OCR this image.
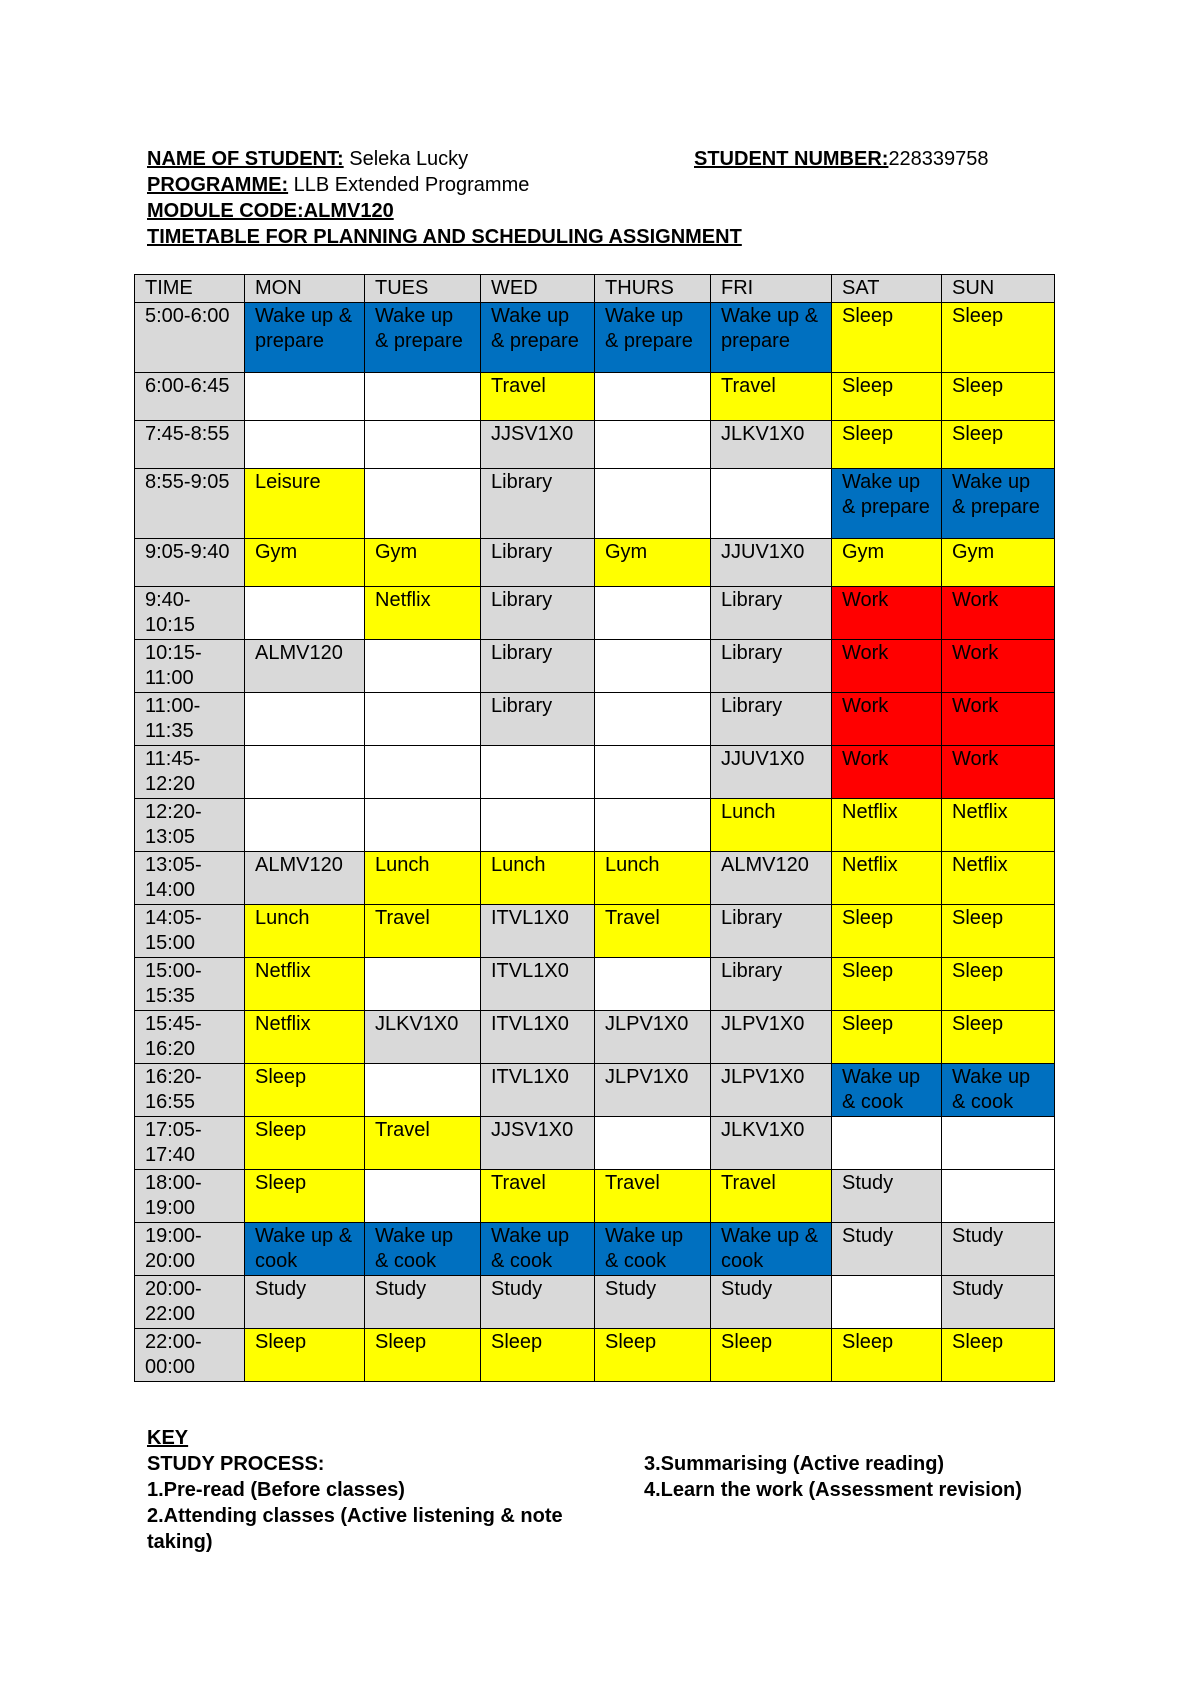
NAME OF STUDENT: Seleka Lucky	STUDENT NUMBER:228339758
PROGRAMME: LLB Extended Programme
MODULE CODE:ALMV120
TIMETABLE FOR PLANNING AND SCHEDULING ASSIGNMENT
TIME	MON	TUES	WED	THURS	FRI	SAT	SUN
5:00-6:00	Wake up & prepare	Wake up & prepare	Wake up & prepare	Wake up & prepare	Wake up & prepare	Sleep	Sleep
6:00-6:45			Travel		Travel	Sleep	Sleep
7:45-8:55			JJSV1X0		JLKV1X0	Sleep	Sleep
8:55-9:05	Leisure		Library			Wake up & prepare	Wake up & prepare
9:05-9:40	Gym	Gym	Library	Gym	JJUV1X0	Gym	Gym
9:40-10:15		Netflix	Library		Library	Work	Work
10:15-11:00	ALMV120		Library		Library	Work	Work
11:00-11:35			Library		Library	Work	Work
11:45-12:20					JJUV1X0	Work	Work
12:20-13:05					Lunch	Netflix	Netflix
13:05-14:00	ALMV120	Lunch	Lunch	Lunch	ALMV120	Netflix	Netflix
14:05-15:00	Lunch	Travel	ITVL1X0	Travel	Library	Sleep	Sleep
15:00-15:35	Netflix		ITVL1X0		Library	Sleep	Sleep
15:45-16:20	Netflix	JLKV1X0	ITVL1X0	JLPV1X0	JLPV1X0	Sleep	Sleep
16:20-16:55	Sleep		ITVL1X0	JLPV1X0	JLPV1X0	Wake up & cook	Wake up & cook
17:05-17:40	Sleep	Travel	JJSV1X0		JLKV1X0		
18:00-19:00	Sleep		Travel	Travel	Travel	Study	
19:00-20:00	Wake up & cook	Wake up & cook	Wake up & cook	Wake up & cook	Wake up & cook	Study	Study
20:00-22:00	Study	Study	Study	Study	Study		Study
22:00-00:00	Sleep	Sleep	Sleep	Sleep	Sleep	Sleep	Sleep
KEY
STUDY PROCESS:
1.Pre-read (Before classes)
2.Attending classes (Active listening & note taking)
3.Summarising (Active reading)
4.Learn the work (Assessment revision)
